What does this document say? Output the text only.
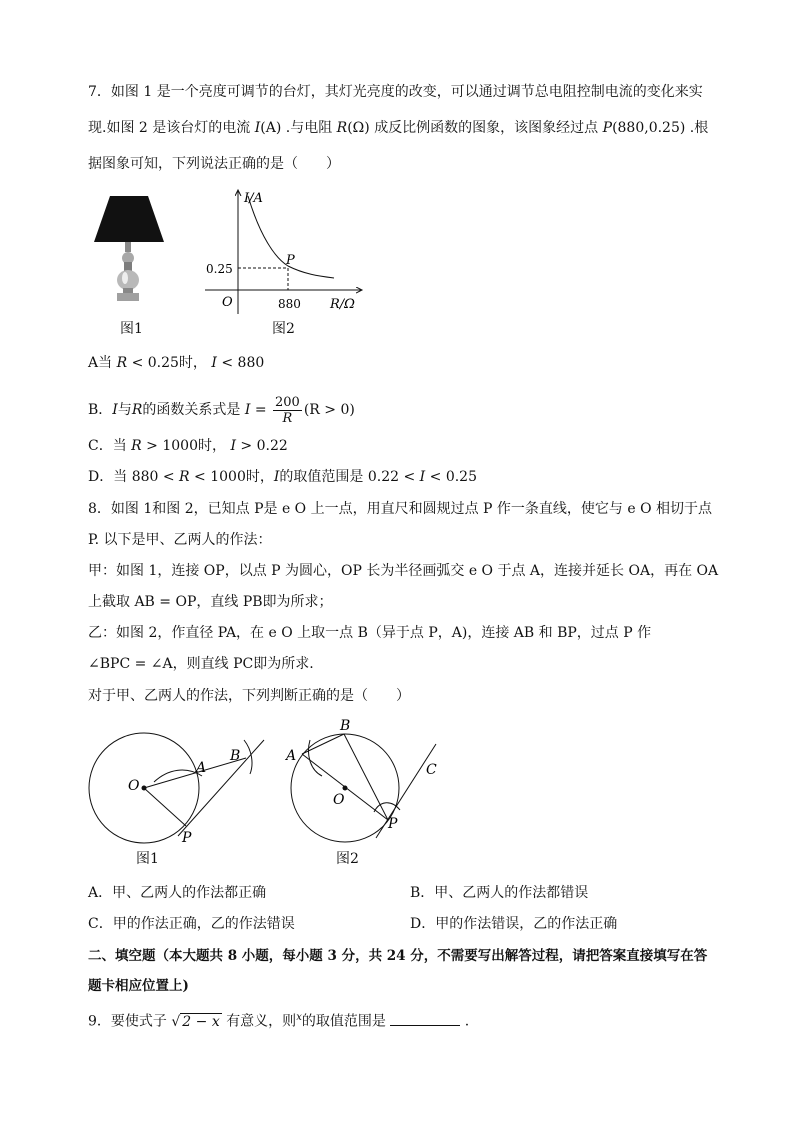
7．如图 1 是一个亮度可调节的台灯，其灯光亮度的改变，可以通过调节总电阻控制电流的变化来实
现.如图 2 是该台灯的电流 I(A) .与电阻 R(Ω) 成反比例函数的图象，该图象经过点 P(880,0.25) .根
据图象可知，下列说法正确的是（　　）
图1
I/A
R/Ω
O
P
0.25
880
图2
A当 R < 0.25时， I < 880
B．I与R的函数关系式是 $I = \frac{200}{R} (R > 0)$
C．当 R > 1000时， I > 0.22
D．当 880 < R < 1000时，I的取值范围是 0.22 < I < 0.25
8．如图 1和图 2，已知点 P是 e O 上一点，用直尺和圆规过点 P 作一条直线，使它与 e O 相切于点
P. 以下是甲、乙两人的作法：
甲：如图 1，连接 OP，以点 P 为圆心，OP 长为半径画弧交 e O 于点 A，连接并延长 OA，再在 OA
上截取 AB = OP，直线 PB即为所求；
乙：如图 2，作直径 PA，在 e O 上取一点 B（异于点 P，A)，连接 AB 和 BP，过点 P 作
∠BPC = ∠A，则直线 PC即为所求.
对于甲、乙两人的作法，下列判断正确的是（　　）
O
A
B
P
图1
A
B
C
O
P
图2
A．甲、乙两人的作法都正确	B．甲、乙两人的作法都错误
C．甲的作法正确，乙的作法错误	D．甲的作法错误，乙的作法正确
二、填空题（本大题共 8 小题，每小题 3 分，共 24 分，不需要写出解答过程，请把答案直接填写在答
题卡相应位置上)
9．要使式子 √ 2 − x 有意义，则$^x$的取值范围是	.
